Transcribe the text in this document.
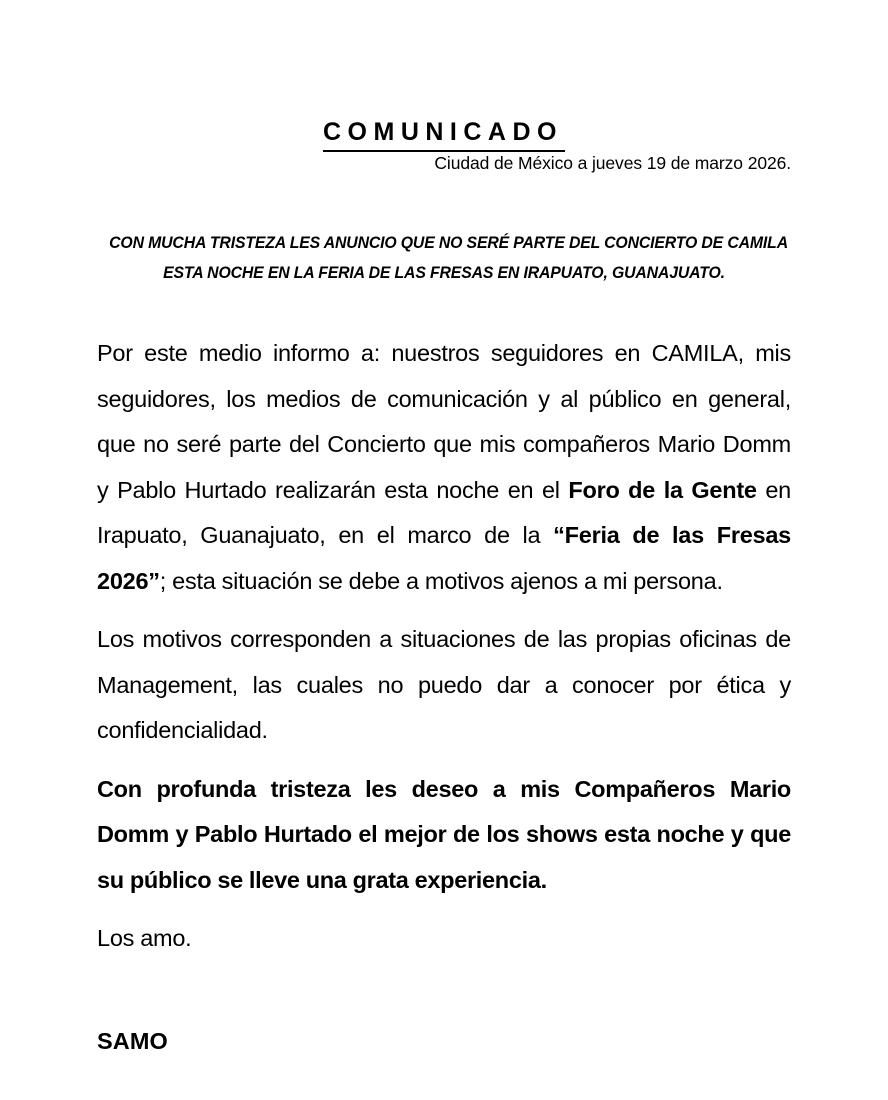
COMUNICADO
Ciudad de México a jueves 19 de marzo 2026.
CON MUCHA TRISTEZA LES ANUNCIO QUE NO SERÉ PARTE DEL CONCIERTO DE CAMILA
ESTA NOCHE EN LA FERIA DE LAS FRESAS EN IRAPUATO, GUANAJUATO.

Por este medio informo a: nuestros seguidores en CAMILA, mis seguidores, los medios de comunicación y al público en general, que no seré parte del Concierto que mis compañeros Mario Domm y Pablo Hurtado realizarán esta noche en el Foro de la Gente en Irapuato, Guanajuato, en el marco de la “Feria de las Fresas 2026”; esta situación se debe a motivos ajenos a mi persona.

Los motivos corresponden a situaciones de las propias oficinas de Management, las cuales no puedo dar a conocer por ética y confidencialidad.

Con profunda tristeza les deseo a mis Compañeros Mario Domm y Pablo Hurtado el mejor de los shows esta noche y que su público se lleve una grata experiencia.

Los amo.

SAMO
